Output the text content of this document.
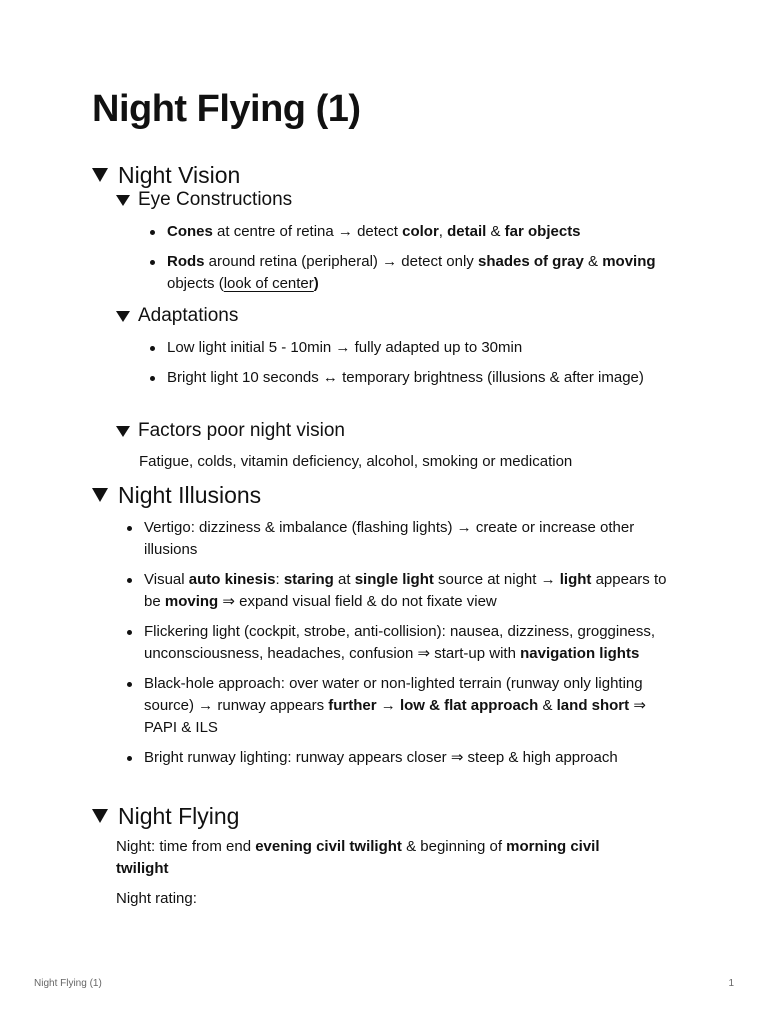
Night Flying (1)
Night Vision
Eye Constructions
Cones at centre of retina → detect color, detail & far objects
Rods around retina (peripheral) → detect only shades of gray & moving objects (look of center)
Adaptations
Low light initial 5 - 10min → fully adapted up to 30min
Bright light 10 seconds ↔ temporary brightness (illusions & after image)
Factors poor night vision

Fatigue, colds, vitamin deficiency, alcohol, smoking or medication

Night Illusions
Vertigo: dizziness & imbalance (flashing lights) → create or increase other illusions
Visual auto kinesis: staring at single light source at night → light appears to be moving ⇒ expand visual field & do not fixate view
Flickering light (cockpit, strobe, anti-collision): nausea, dizziness, grogginess, unconsciousness, headaches, confusion ⇒ start-up with navigation lights
Black-hole approach: over water or non-lighted terrain (runway only lighting source) → runway appears further → low & flat approach & land short ⇒ PAPI & ILS
Bright runway lighting: runway appears closer ⇒ steep & high approach
Night Flying

Night: time from end evening civil twilight & beginning of morning civil twilight

Night rating:

Night Flying (1)	1
